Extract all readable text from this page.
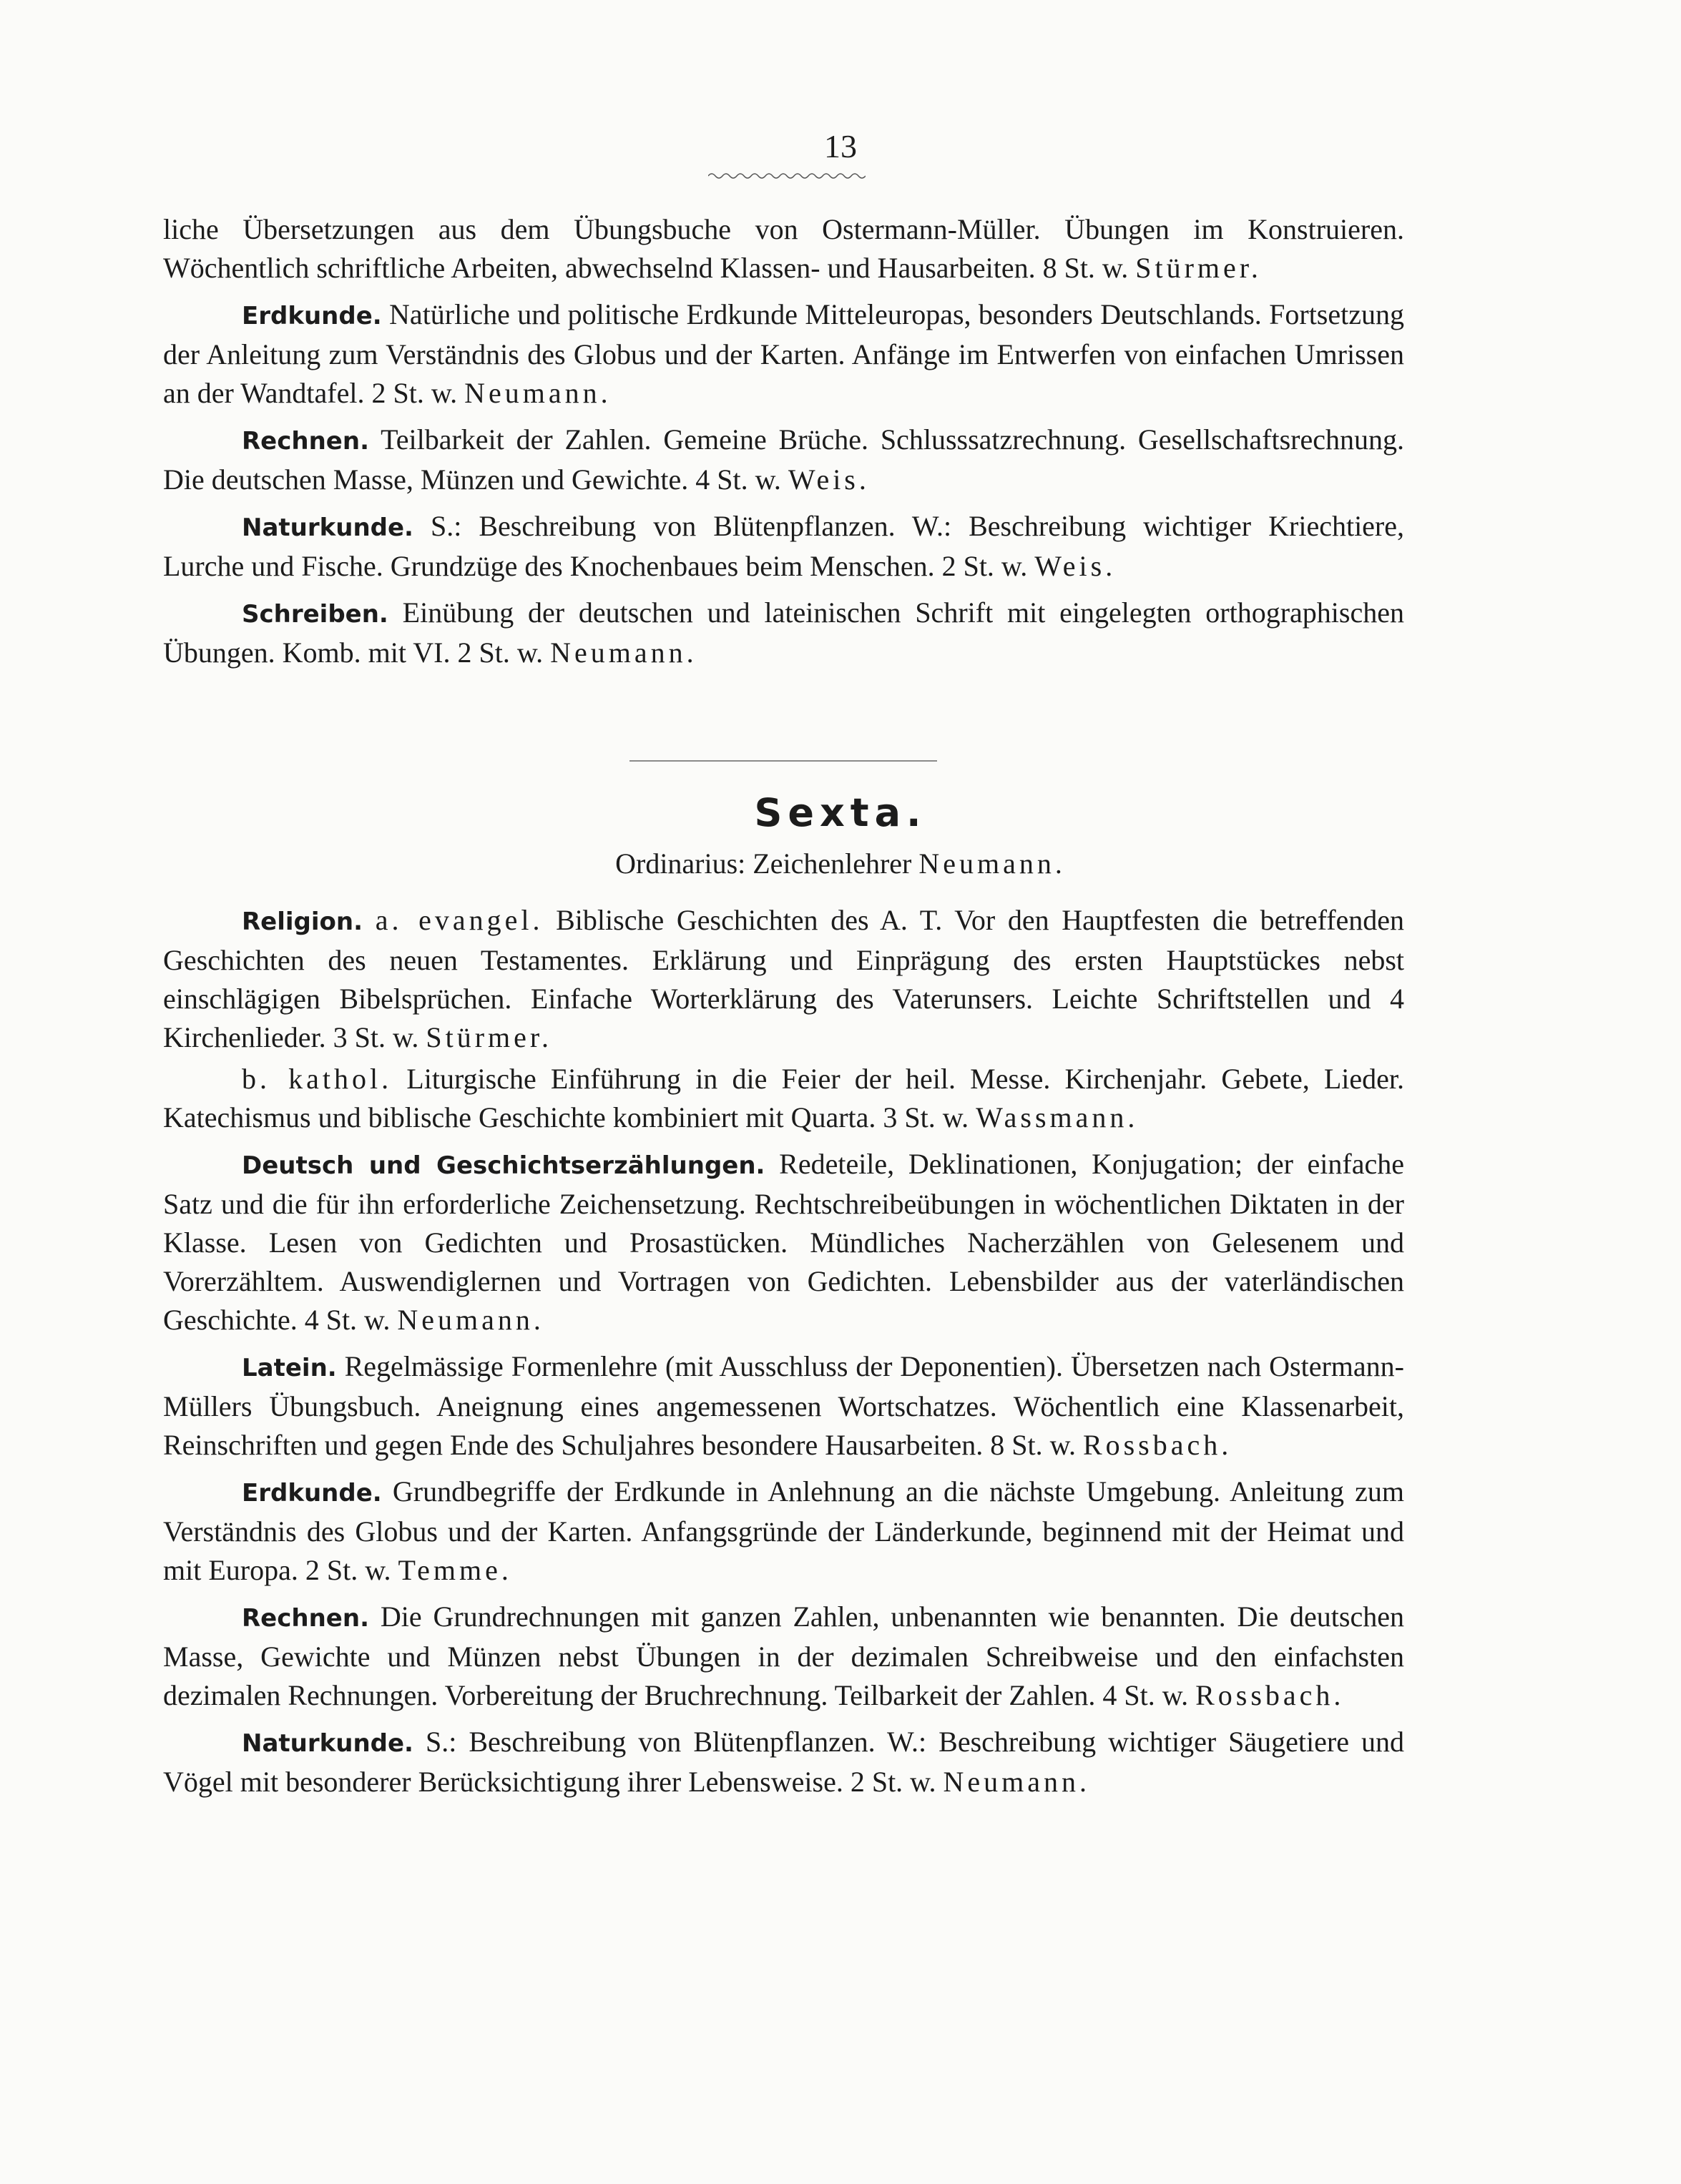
13

liche Übersetzungen aus dem Übungsbuche von Ostermann-Müller. Übungen im Konstruieren. Wöchentlich schriftliche Arbeiten, abwechselnd Klassen- und Hausarbeiten. 8 St. w. Stürmer.

Erdkunde. Natürliche und politische Erdkunde Mitteleuropas, besonders Deutschlands. Fortsetzung der Anleitung zum Verständnis des Globus und der Karten. Anfänge im Entwerfen von einfachen Umrissen an der Wandtafel. 2 St. w. Neumann.

Rechnen. Teilbarkeit der Zahlen. Gemeine Brüche. Schlusssatzrechnung. Gesellschaftsrechnung. Die deutschen Masse, Münzen und Gewichte. 4 St. w. Weis.

Naturkunde. S.: Beschreibung von Blütenpflanzen. W.: Beschreibung wichtiger Kriechtiere, Lurche und Fische. Grundzüge des Knochenbaues beim Menschen. 2 St. w. Weis.

Schreiben. Einübung der deutschen und lateinischen Schrift mit eingelegten orthographischen Übungen. Komb. mit VI. 2 St. w. Neumann.

Sexta.
Ordinarius: Zeichenlehrer Neumann.

Religion. a. evangel. Biblische Geschichten des A. T. Vor den Hauptfesten die betreffenden Geschichten des neuen Testamentes. Erklärung und Einprägung des ersten Hauptstückes nebst einschlägigen Bibelsprüchen. Einfache Worterklärung des Vaterunsers. Leichte Schriftstellen und 4 Kirchenlieder. 3 St. w. Stürmer.

b. kathol. Liturgische Einführung in die Feier der heil. Messe. Kirchenjahr. Gebete, Lieder. Katechismus und biblische Geschichte kombiniert mit Quarta. 3 St. w. Wassmann.

Deutsch und Geschichtserzählungen. Redeteile, Deklinationen, Konjugation; der einfache Satz und die für ihn erforderliche Zeichensetzung. Rechtschreibeübungen in wöchentlichen Diktaten in der Klasse. Lesen von Gedichten und Prosastücken. Mündliches Nacherzählen von Gelesenem und Vorerzähltem. Auswendiglernen und Vortragen von Gedichten. Lebensbilder aus der vaterländischen Geschichte. 4 St. w. Neumann.

Latein. Regelmässige Formenlehre (mit Ausschluss der Deponentien). Übersetzen nach Ostermann-Müllers Übungsbuch. Aneignung eines angemessenen Wortschatzes. Wöchentlich eine Klassenarbeit, Reinschriften und gegen Ende des Schuljahres besondere Hausarbeiten. 8 St. w. Rossbach.

Erdkunde. Grundbegriffe der Erdkunde in Anlehnung an die nächste Umgebung. Anleitung zum Verständnis des Globus und der Karten. Anfangsgründe der Länderkunde, beginnend mit der Heimat und mit Europa. 2 St. w. Temme.

Rechnen. Die Grundrechnungen mit ganzen Zahlen, unbenannten wie benannten. Die deutschen Masse, Gewichte und Münzen nebst Übungen in der dezimalen Schreibweise und den einfachsten dezimalen Rechnungen. Vorbereitung der Bruchrechnung. Teilbarkeit der Zahlen. 4 St. w. Rossbach.

Naturkunde. S.: Beschreibung von Blütenpflanzen. W.: Beschreibung wichtiger Säugetiere und Vögel mit besonderer Berücksichtigung ihrer Lebensweise. 2 St. w. Neumann.
